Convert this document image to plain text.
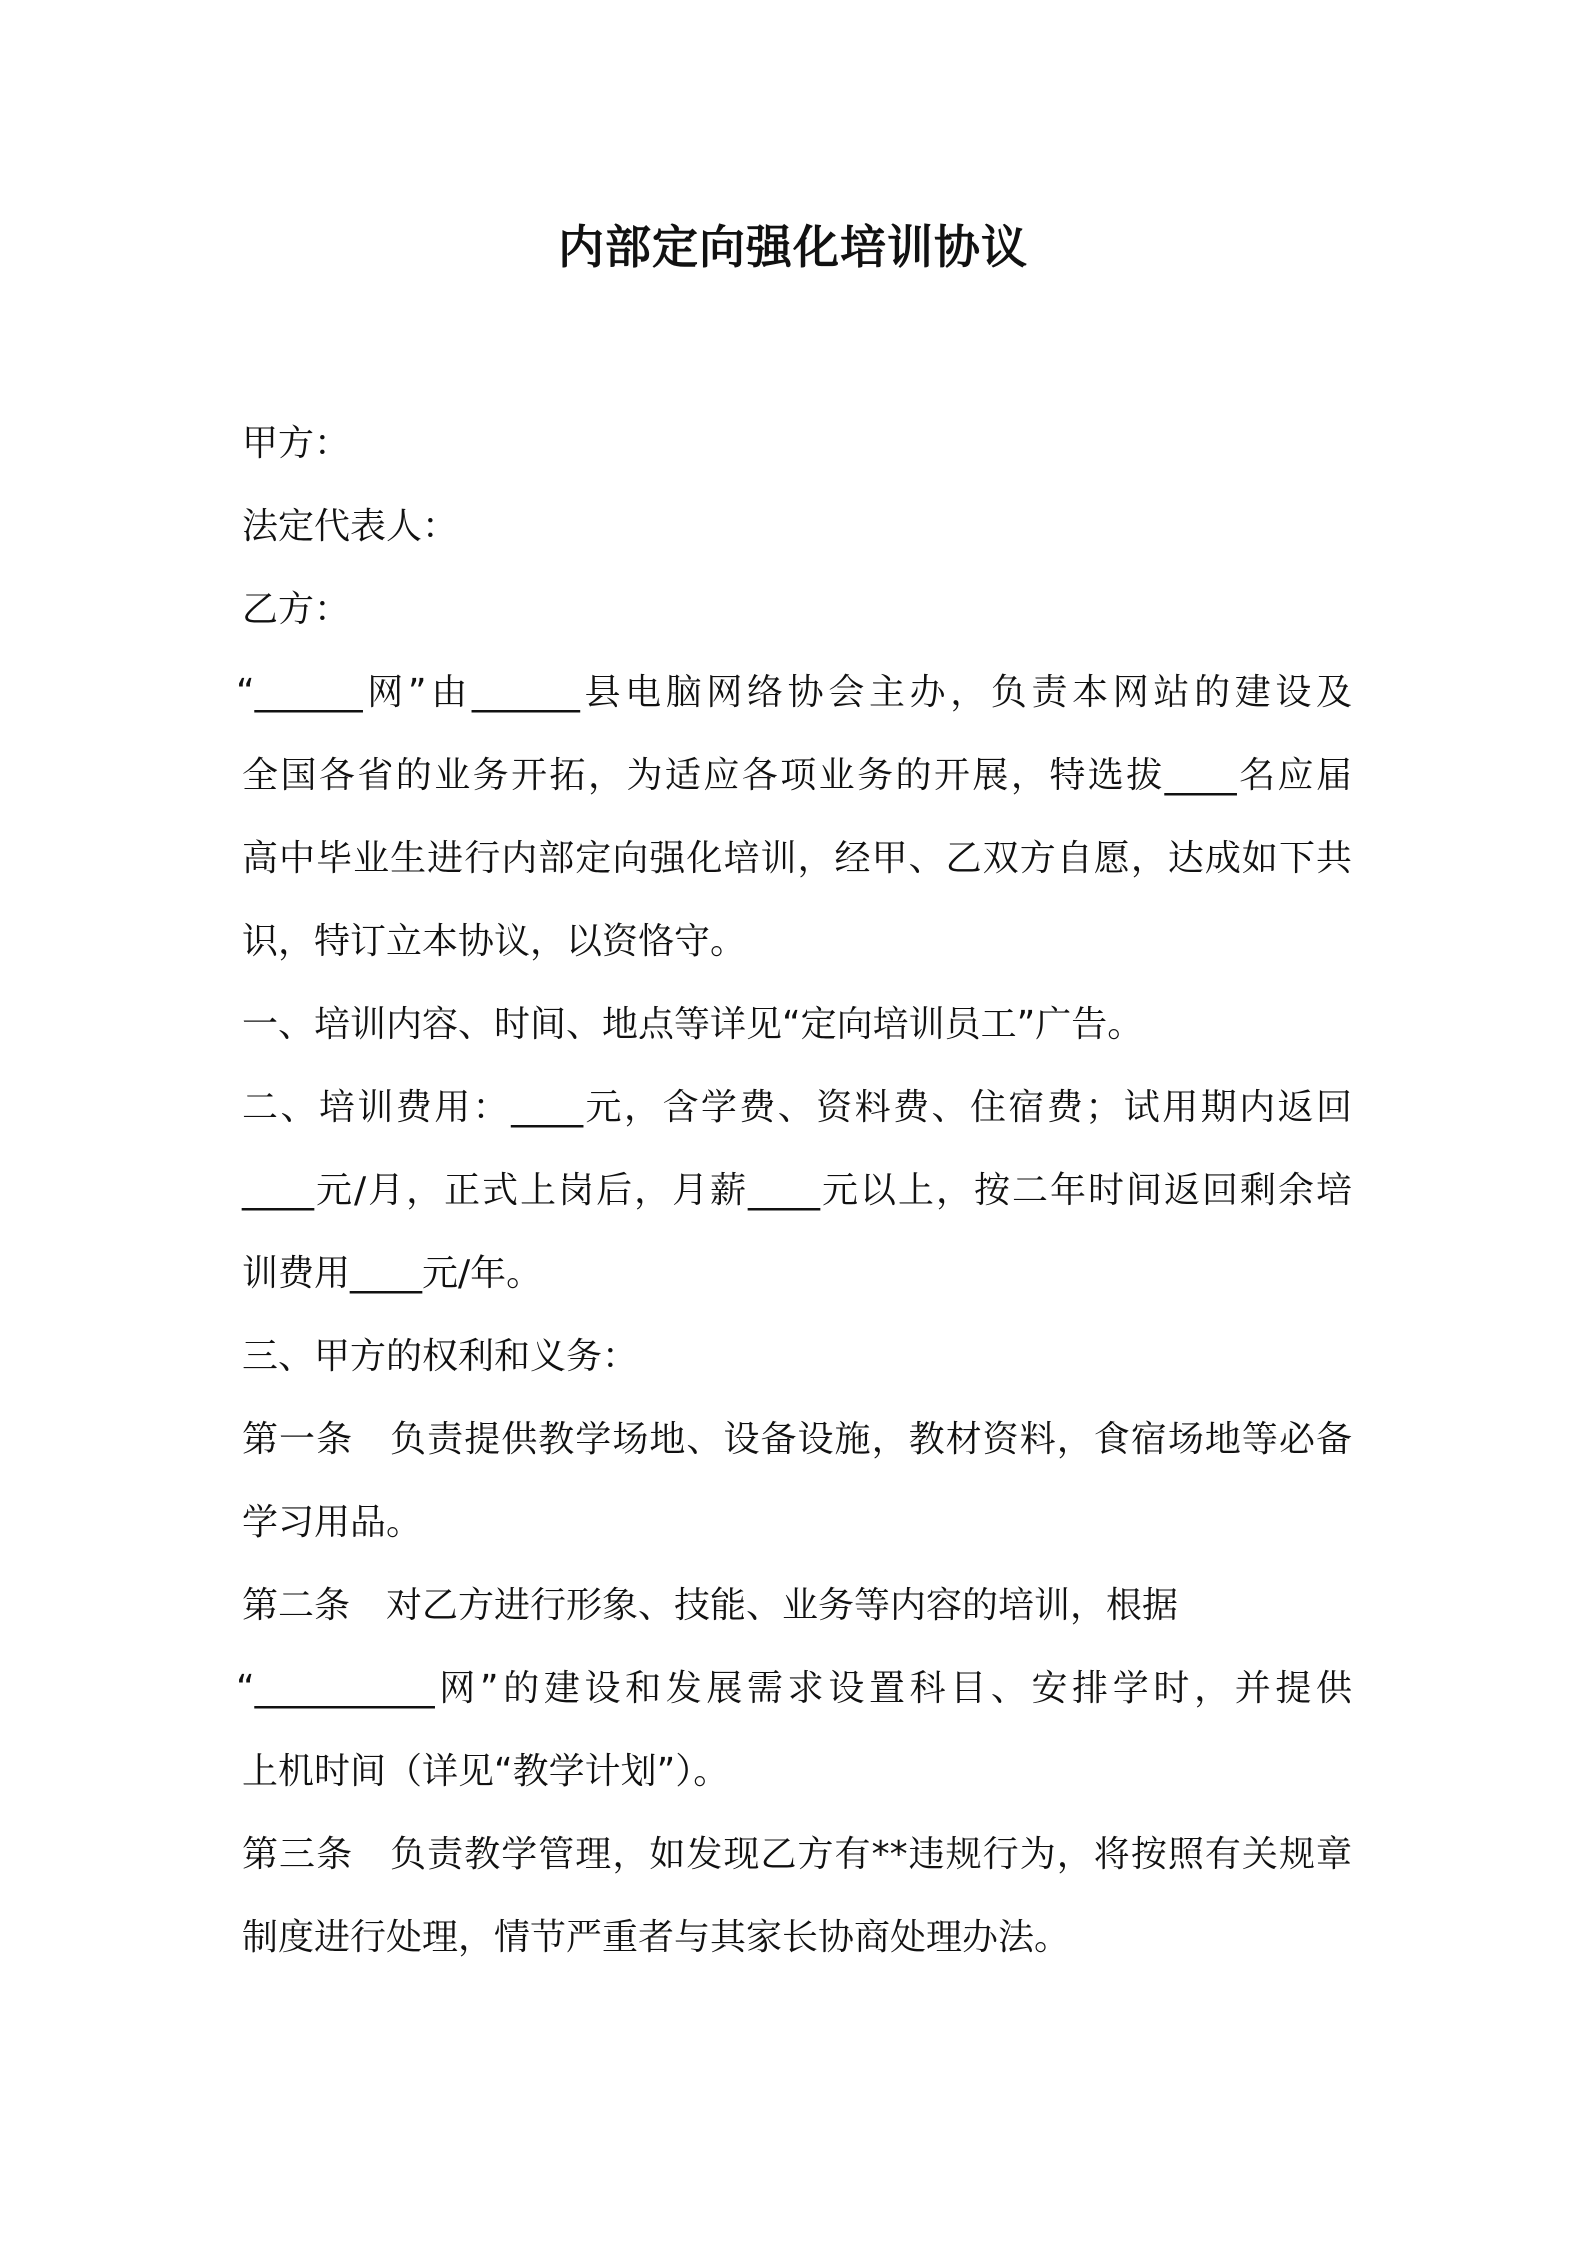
内部定向强化培训协议
甲方：
法定代表人：
乙方：
“______网”由______县电脑网络协会主办，负责本网站的建设及
全国各省的业务开拓，为适应各项业务的开展，特选拔____名应届
高中毕业生进行内部定向强化培训，经甲、乙双方自愿，达成如下共
识，特订立本协议，以资恪守。
一、培训内容、时间、地点等详见“定向培训员工”广告。
二、培训费用：____元，含学费、资料费、住宿费；试用期内返回
____元/月，正式上岗后，月薪____元以上，按二年时间返回剩余培
训费用____元/年。
三、甲方的权利和义务：
第一条　负责提供教学场地、设备设施，教材资料，食宿场地等必备
学习用品。
第二条　对乙方进行形象、技能、业务等内容的培训，根据
“__________网”的建设和发展需求设置科目、安排学时，并提供
上机时间（详见“教学计划”）。
第三条　负责教学管理，如发现乙方有**违规行为，将按照有关规章
制度进行处理，情节严重者与其家长协商处理办法。
